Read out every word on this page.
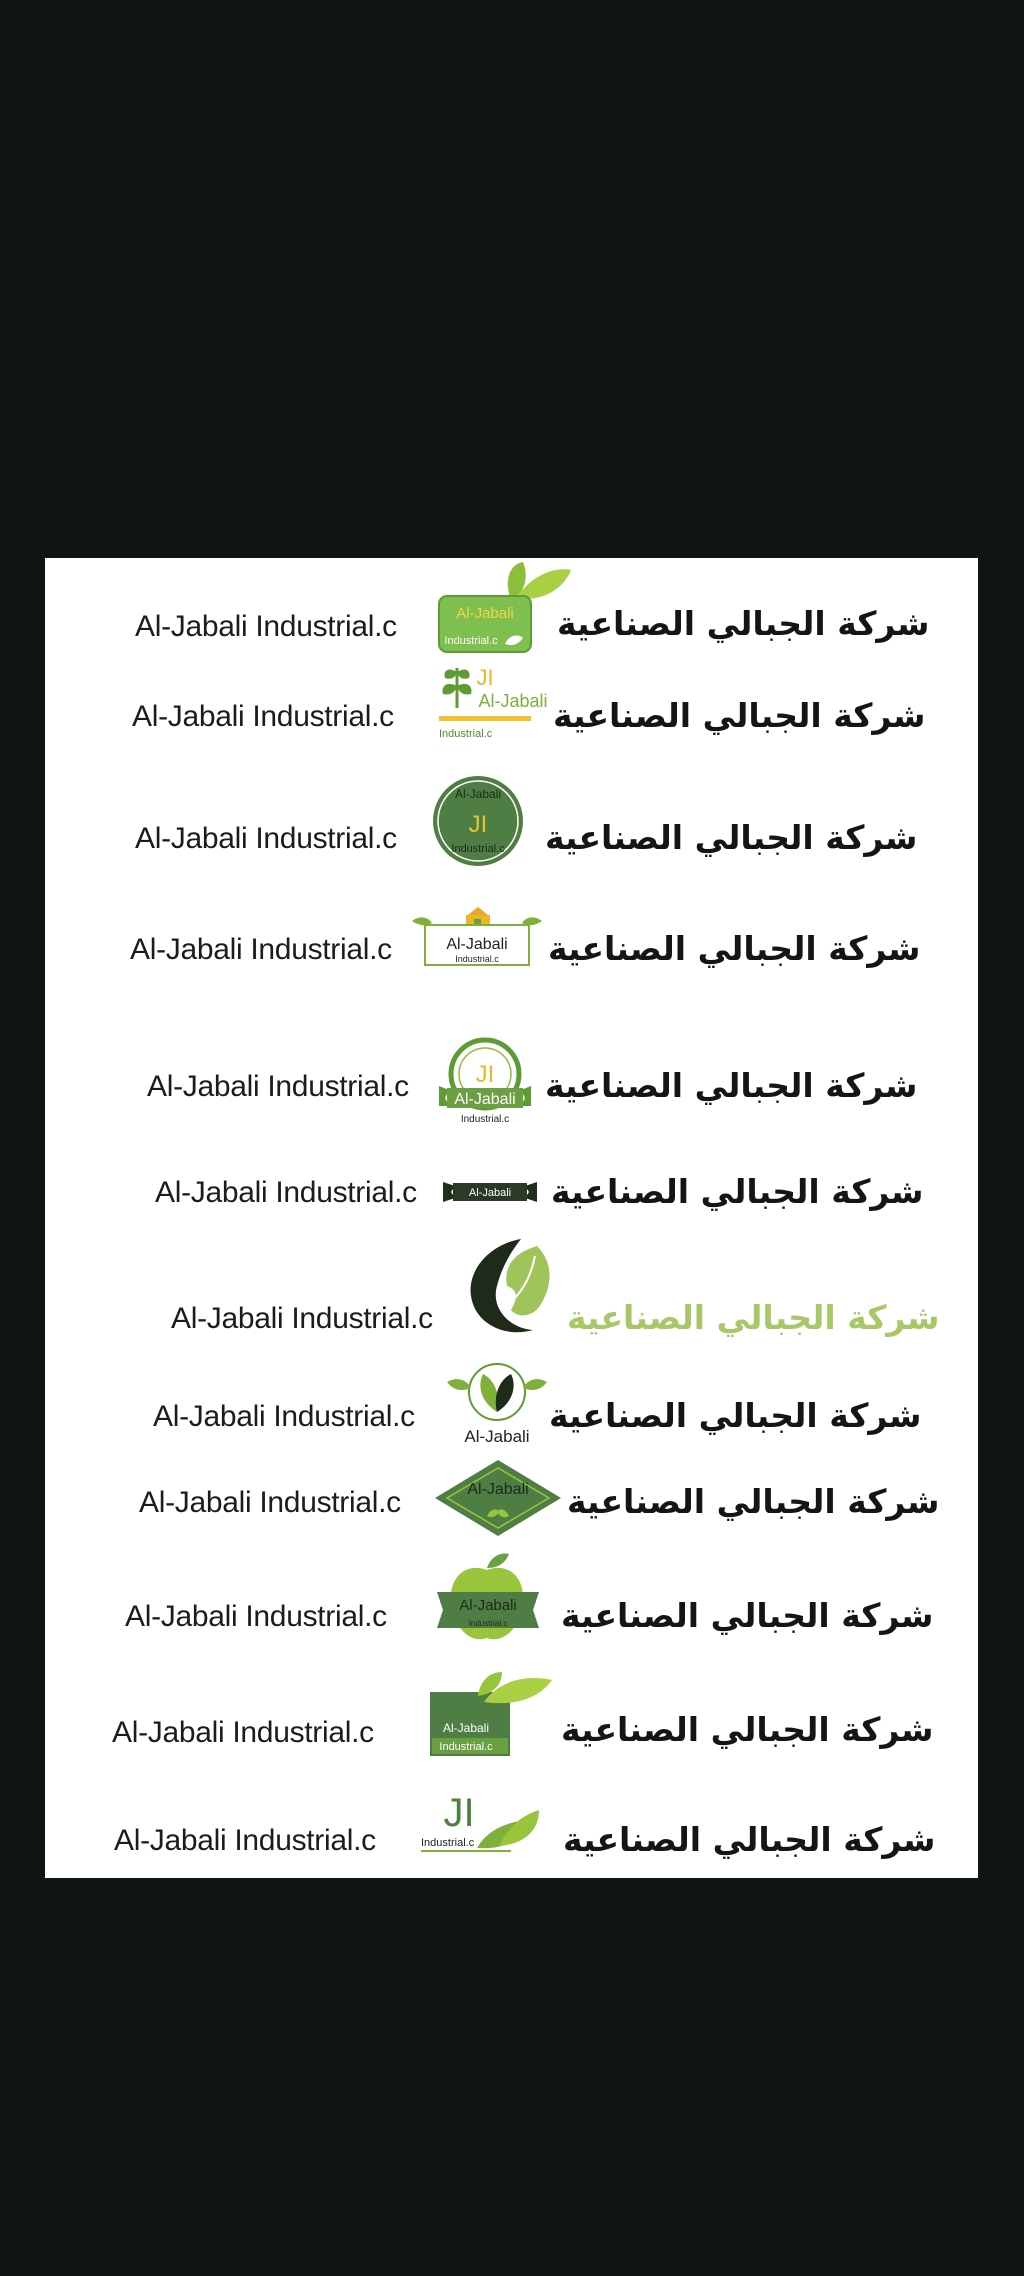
Al-Jabali Industrial.c	Al-Jabali
Industrial.c شركة الجبالي الصناعية
Al-Jabali Industrial.c
JI
Al-Jabali
Industrial.c شركة الجبالي الصناعية
Al-Jabali Industrial.c
Al-Jabali
JI
Industrial.c شركة الجبالي الصناعية
Al-Jabali Industrial.c	Al-Jabali
Industrial.c شركة الجبالي الصناعية
Al-Jabali Industrial.c	JI
Al-Jabali
Industrial.c
شركة الجبالي الصناعية
Al-Jabali Industrial.c	Al-Jabali شركة الجبالي الصناعية
Al-Jabali Industrial.c	شركة الجبالي الصناعية
Al-Jabali Industrial.c
Al-Jabali
شركة الجبالي الصناعية
Al-Jabali Industrial.c	Al-Jabali شركة الجبالي الصناعية
Al-Jabali Industrial.c	Al-Jabali
Industrial.c شركة الجبالي الصناعية
Al-Jabali Industrial.c	Al-Jabali
Industrial.c شركة الجبالي الصناعية
Al-Jabali Industrial.c
JI
Industrial.c	شركة الجبالي الصناعية
